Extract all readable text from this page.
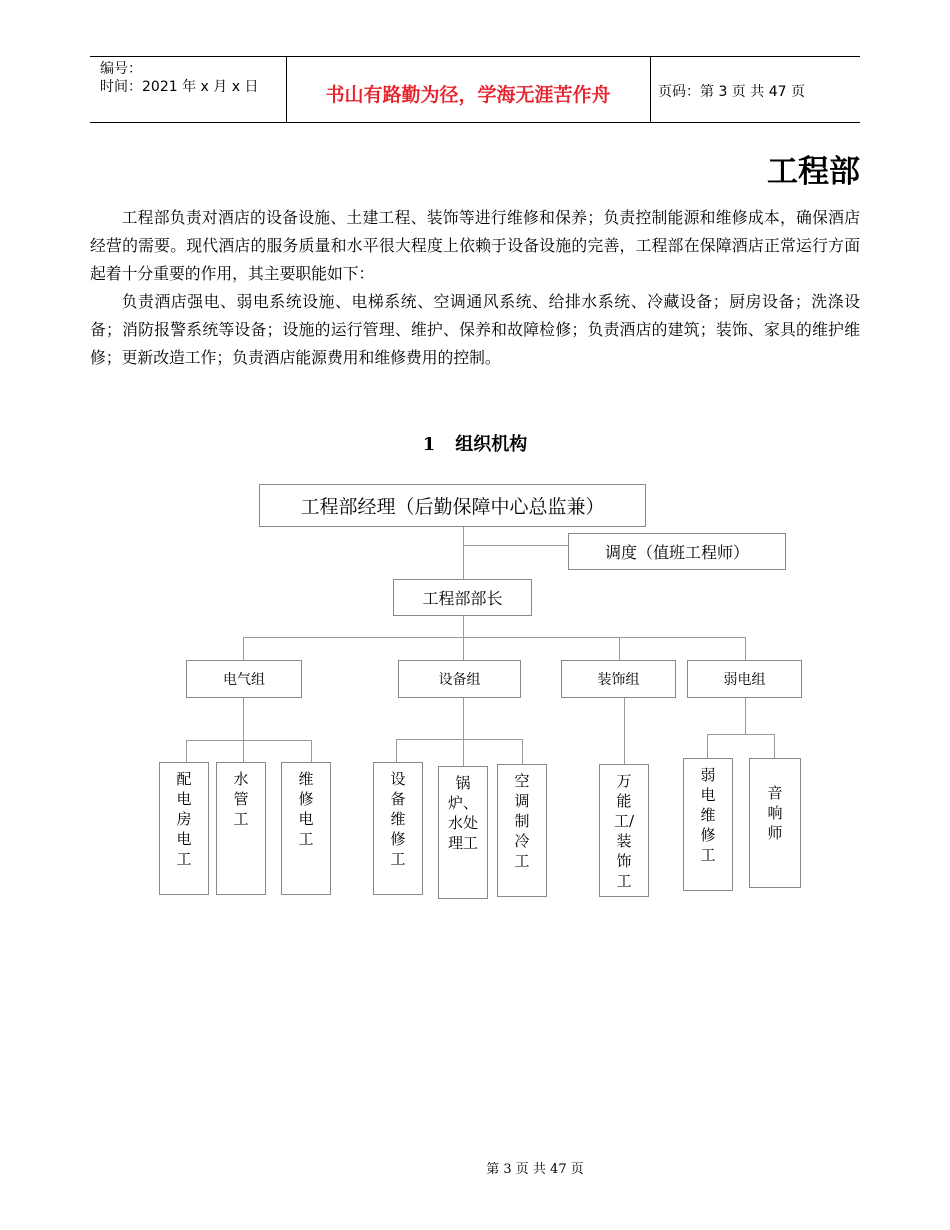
编号：
时间：2021 年 x 月 x 日	书山有路勤为径，学海无涯苦作舟	页码：第 3 页 共 47 页
工程部

工程部负责对酒店的设备设施、土建工程、装饰等进行维修和保养；负责控制能源和维修成本，确保酒店经营的需要。现代酒店的服务质量和水平很大程度上依赖于设备设施的完善，工程部在保障酒店正常运行方面起着十分重要的作用，其主要职能如下：

负责酒店强电、弱电系统设施、电梯系统、空调通风系统、给排水系统、冷藏设备；厨房设备；洗涤设备；消防报警系统等设备；设施的运行管理、维护、保养和故障检修；负责酒店的建筑；装饰、家具的维护维修；更新改造工作；负责酒店能源费用和维修费用的控制。

1 组织机构
工程部经理（后勤保障中心总监兼）
调度（值班工程师）
工程部部长
电气组	设备组	装饰组	弱电组
配电房电工
水管工
维修电工
设备维修工
锅炉、水处理工
空调制冷工
万能工/装饰工
弱电维修工
音响师
第 3 页 共 47 页
